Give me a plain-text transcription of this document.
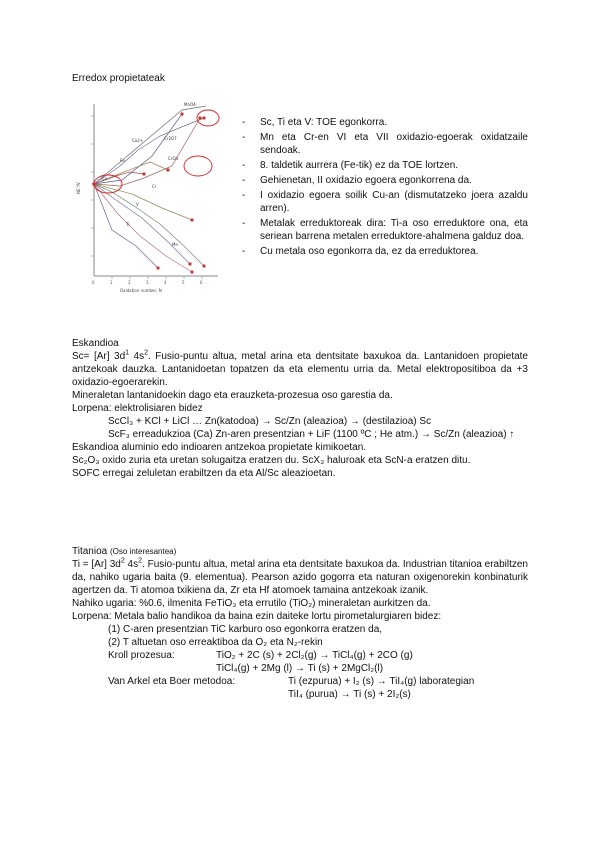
Erredox propietateak
0	1	2	3	4	5	6
MnO4-
Cr2O7
CrO4
Co2+
Fe
V
Ti
Cr
Cu
Mn
NE°/V
Oxidation number, N
-	Sc, Ti eta V: TOE egonkorra.
-	Mn eta Cr-en VI eta VII oxidazio-egoerak oxidatzaile sendoak.
-	8. taldetik aurrera (Fe-tik) ez da TOE lortzen.
-	Gehienetan, II oxidazio egoera egonkorrena da.
-	I oxidazio egoera soilik Cu-an (dismutatzeko joera azaldu arren).
-	Metalak erreduktoreak dira: Ti-a oso erreduktore ona, eta seriean barrena metalen erreduktore-ahalmena galduz doa.
-	Cu metala oso egonkorra da, ez da erreduktorea.
Eskandioa
Sc= [Ar] $3d^1$ $4s^2$. Fusio-puntu altua, metal arina eta dentsitate baxukoa da. Lantanidoen propietate antzekoak dauzka. Lantanidoetan topatzen da eta elementu urria da. Metal elektropositiboa da +3 oxidazio-egoerarekin.
Mineraletan lantanidoekin dago eta erauzketa-prozesua oso garestia da.
Lorpena: elektrolisiaren bidez
ScCl₃ + KCl + LiCl … Zn(katodoa) → Sc/Zn (aleazioa) → (destilazioa) Sc
ScF₃ erreadukzioa (Ca) Zn-aren presentzian + LiF (1100 ºC ; He atm.) → Sc/Zn (aleazioa) ↑
Eskandioa aluminio edo indioaren antzekoa propietate kimikoetan.
Sc₂O₃ oxido zuria eta uretan solugaitza eratzen du. ScX₃ haluroak eta ScN-a eratzen ditu.
SOFC erregai zeluletan erabiltzen da eta Al/Sc aleazioetan.
Titanioa (Oso interesantea)
Ti = [Ar] $3d^2$ $4s^2$. Fusio-puntu altua, metal arina eta dentsitate baxukoa da. Industrian titanioa erabiltzen da, nahiko ugaria baita (9. elementua). Pearson azido gogorra eta naturan oxigenorekin konbinaturik agertzen da. Ti atomoa txikiena da, Zr eta Hf atomoek tamaina antzekoak izanik.
Nahiko ugaria: %0.6, ilmenita FeTiO₃ eta errutilo (TiO₂) mineraletan aurkitzen da.
Lorpena: Metala balio handikoa da baina ezin daiteke lortu pirometalurgiaren bidez:
(1) C-aren presentzian TiC karburo oso egonkorra eratzen da,
(2) T altuetan oso erreaktiboa da O₂ eta N₂-rekin
Kroll prozesua:	TiO₂ + 2C (s) + 2Cl₂(g) → TiCl₄(g) + 2CO (g)
TiCl₄(g) + 2Mg (l) → Ti (s) + 2MgCl₂(l)
Van Arkel eta Boer metodoa:	Ti (ezpurua) + I₂ (s) → TiI₄(g) laborategian
TiI₄ (purua) → Ti (s) + 2I₂(s)
